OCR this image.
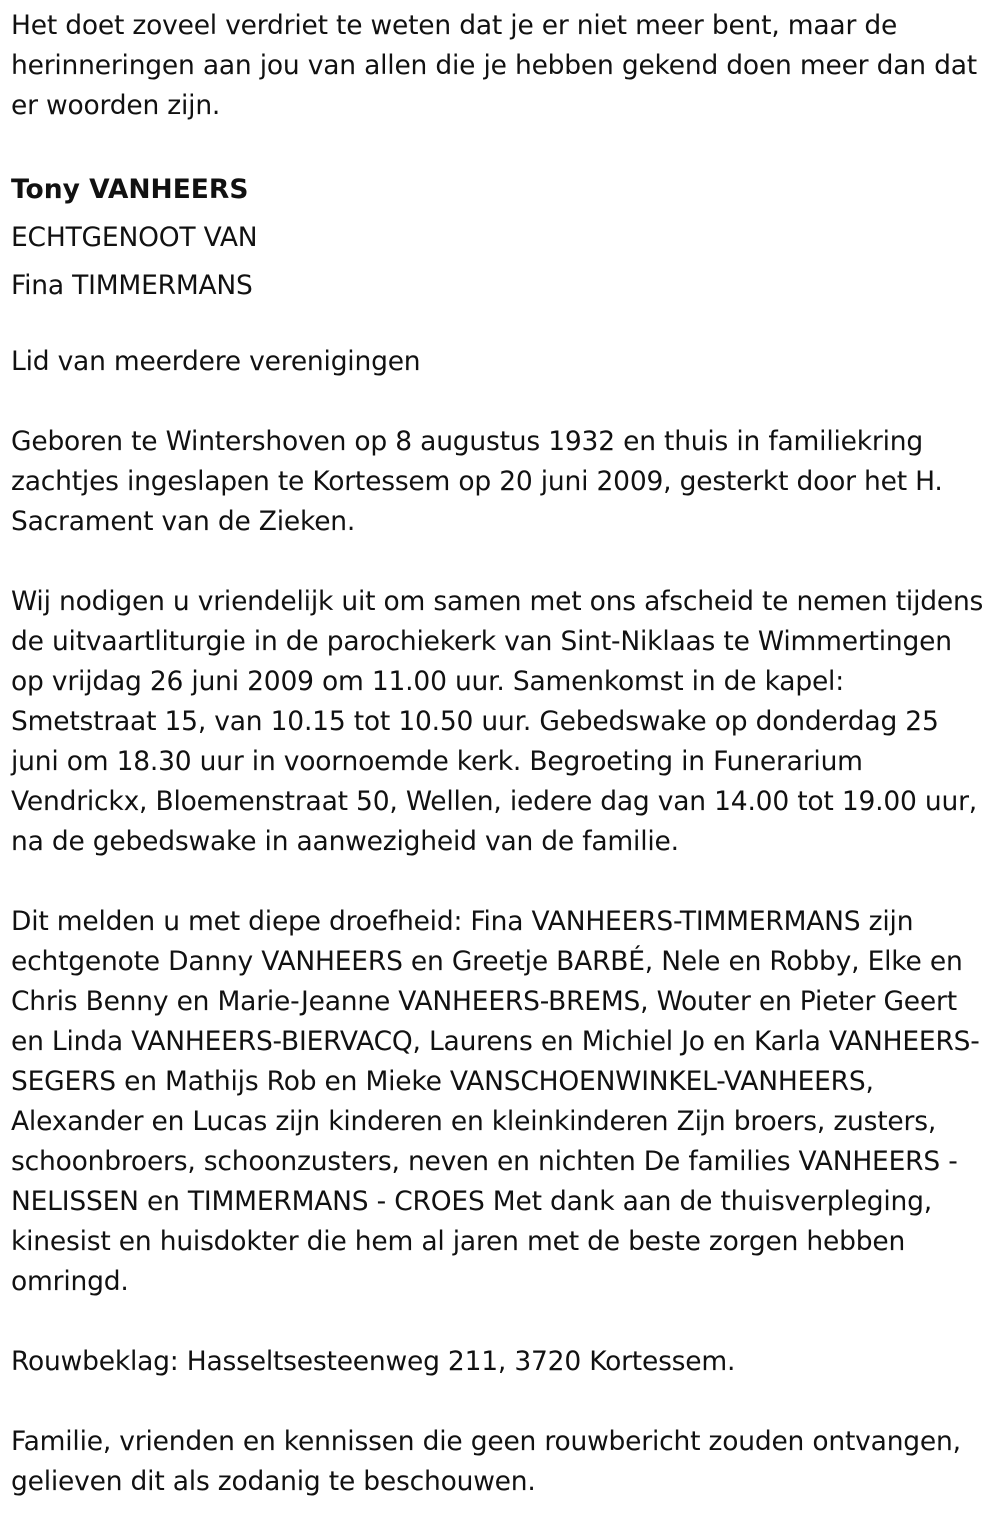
Het doet zoveel verdriet te weten dat je er niet meer bent, maar de herinneringen aan jou van allen die je hebben gekend doen meer dan dat er woorden zijn.

Tony VANHEERS

ECHTGENOOT VAN

Fina TIMMERMANS

Lid van meerdere verenigingen

Geboren te Wintershoven op 8 augustus 1932 en thuis in familiekring zachtjes ingeslapen te Kortessem op 20 juni 2009, gesterkt door het H. Sacrament van de Zieken.

Wij nodigen u vriendelijk uit om samen met ons afscheid te nemen tijdens de uitvaartliturgie in de parochiekerk van Sint-Niklaas te Wimmertingen op vrijdag 26 juni 2009 om 11.00 uur. Samenkomst in de kapel: Smetstraat 15, van 10.15 tot 10.50 uur. Gebedswake op donderdag 25 juni om 18.30 uur in voornoemde kerk. Begroeting in Funerarium Vendrickx, Bloemenstraat 50, Wellen, iedere dag van 14.00 tot 19.00 uur, na de gebedswake in aanwezigheid van de familie.

Dit melden u met diepe droefheid: Fina VANHEERS-TIMMERMANS zijn echtgenote Danny VANHEERS en Greetje BARBÉ, Nele en Robby, Elke en Chris Benny en Marie-Jeanne VANHEERS-BREMS, Wouter en Pieter Geert en Linda VANHEERS-BIERVACQ, Laurens en Michiel Jo en Karla VANHEERS-SEGERS en Mathijs Rob en Mieke VANSCHOENWINKEL-VANHEERS, Alexander en Lucas zijn kinderen en kleinkinderen Zijn broers, zusters, schoonbroers, schoonzusters, neven en nichten De families VANHEERS - NELISSEN en TIMMERMANS - CROES Met dank aan de thuisverpleging, kinesist en huisdokter die hem al jaren met de beste zorgen hebben omringd.

Rouwbeklag: Hasseltsesteenweg 211, 3720 Kortessem.

Familie, vrienden en kennissen die geen rouwbericht zouden ontvangen, gelieven dit als zodanig te beschouwen.
